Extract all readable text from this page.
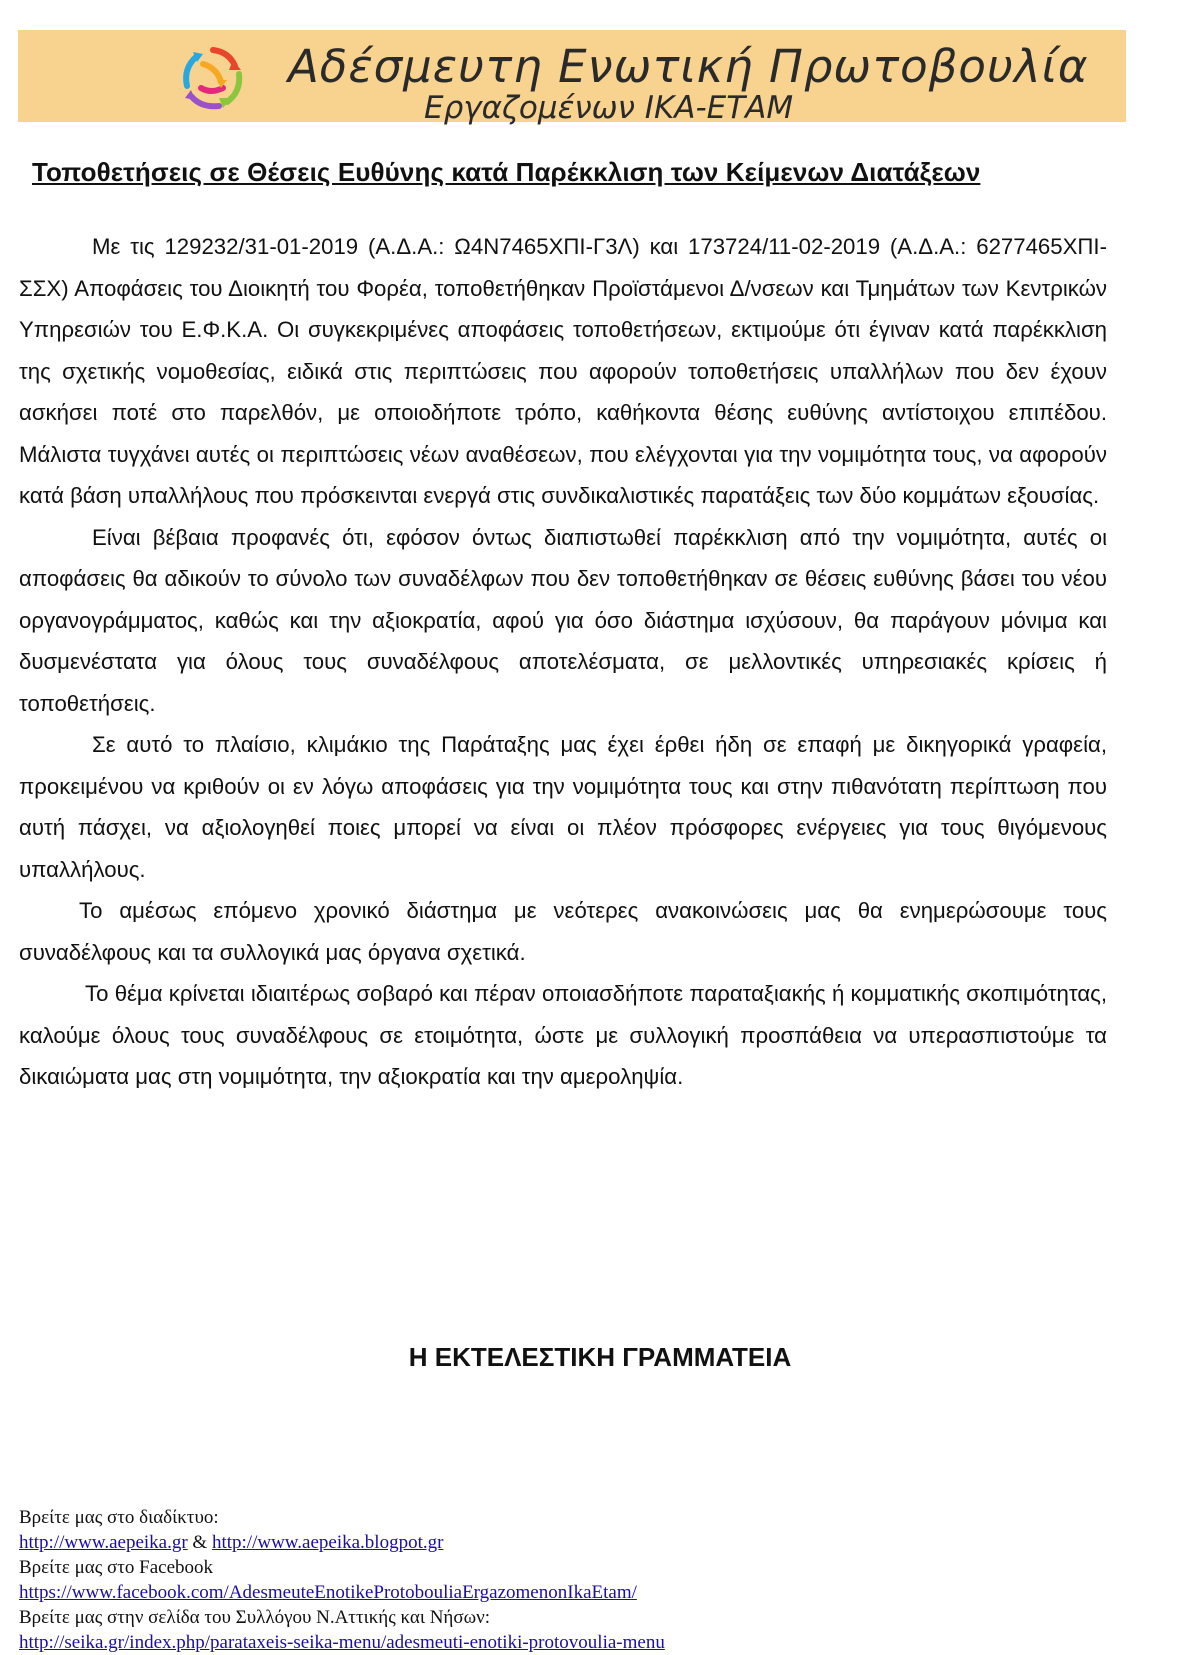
Αδέσμευτη Ενωτική Πρωτοβουλία
Εργαζομένων ΙΚΑ-ΕΤΑΜ
Τοποθετήσεις σε Θέσεις Ευθύνης κατά Παρέκκλιση των Κείμενων Διατάξεων

Με τις 129232/31-01-2019 (Α.Δ.Α.: Ω4Ν7465ΧΠΙ-Γ3Λ) και 173724/11-02-2019 (Α.Δ.Α.: 6277465ΧΠΙ-ΣΣΧ) Αποφάσεις του Διοικητή του Φορέα, τοποθετήθηκαν Προϊστάμενοι Δ/νσεων και Τμημάτων των Κεντρικών Υπηρεσιών του Ε.Φ.Κ.Α. Οι συγκεκριμένες αποφάσεις τοποθετήσεων, εκτιμούμε ότι έγιναν κατά παρέκκλιση της σχετικής νομοθεσίας, ειδικά στις περιπτώσεις που αφορούν τοποθετήσεις υπαλλήλων που δεν έχουν ασκήσει ποτέ στο παρελθόν, με οποιοδήποτε τρόπο, καθήκοντα θέσης ευθύνης αντίστοιχου επιπέδου. Μάλιστα τυγχάνει αυτές οι περιπτώσεις νέων αναθέσεων, που ελέγχονται για την νομιμότητα τους, να αφορούν κατά βάση υπαλλήλους που πρόσκεινται ενεργά στις συνδικαλιστικές παρατάξεις των δύο κομμάτων εξουσίας.

Είναι βέβαια προφανές ότι, εφόσον όντως διαπιστωθεί παρέκκλιση από την νομιμότητα, αυτές οι αποφάσεις θα αδικούν το σύνολο των συναδέλφων που δεν τοποθετήθηκαν σε θέσεις ευθύνης βάσει του νέου οργανογράμματος, καθώς και την αξιοκρατία, αφού για όσο διάστημα ισχύσουν, θα παράγουν μόνιμα και δυσμενέστατα για όλους τους συναδέλφους αποτελέσματα, σε μελλοντικές υπηρεσιακές κρίσεις ή τοποθετήσεις.

Σε αυτό το πλαίσιο, κλιμάκιο της Παράταξης μας έχει έρθει ήδη σε επαφή με δικηγορικά γραφεία, προκειμένου να κριθούν οι εν λόγω αποφάσεις για την νομιμότητα τους και στην πιθανότατη περίπτωση που αυτή πάσχει, να αξιολογηθεί ποιες μπορεί να είναι οι πλέον πρόσφορες ενέργειες για τους θιγόμενους υπαλλήλους.

Το αμέσως επόμενο χρονικό διάστημα με νεότερες ανακοινώσεις μας θα ενημερώσουμε τους συναδέλφους και τα συλλογικά μας όργανα σχετικά.

Το θέμα κρίνεται ιδιαιτέρως σοβαρό και πέραν οποιασδήποτε παραταξιακής ή κομματικής σκοπιμότητας, καλούμε όλους τους συναδέλφους σε ετοιμότητα, ώστε με συλλογική προσπάθεια να υπερασπιστούμε τα δικαιώματα μας στη νομιμότητα, την αξιοκρατία και την αμεροληψία.

Η ΕΚΤΕΛΕΣΤΙΚΗ ΓΡΑΜΜΑΤΕΙΑ
Βρείτε μας στο διαδίκτυο:
http://www.aepeika.gr & http://www.aepeika.blogpot.gr
Βρείτε μας στο Facebook
https://www.facebook.com/AdesmeuteEnotikeProtobouliaErgazomenonIkaEtam/
Βρείτε μας στην σελίδα του Συλλόγου Ν.Αττικής και Νήσων:
http://seika.gr/index.php/parataxeis-seika-menu/adesmeuti-enotiki-protovoulia-menu
